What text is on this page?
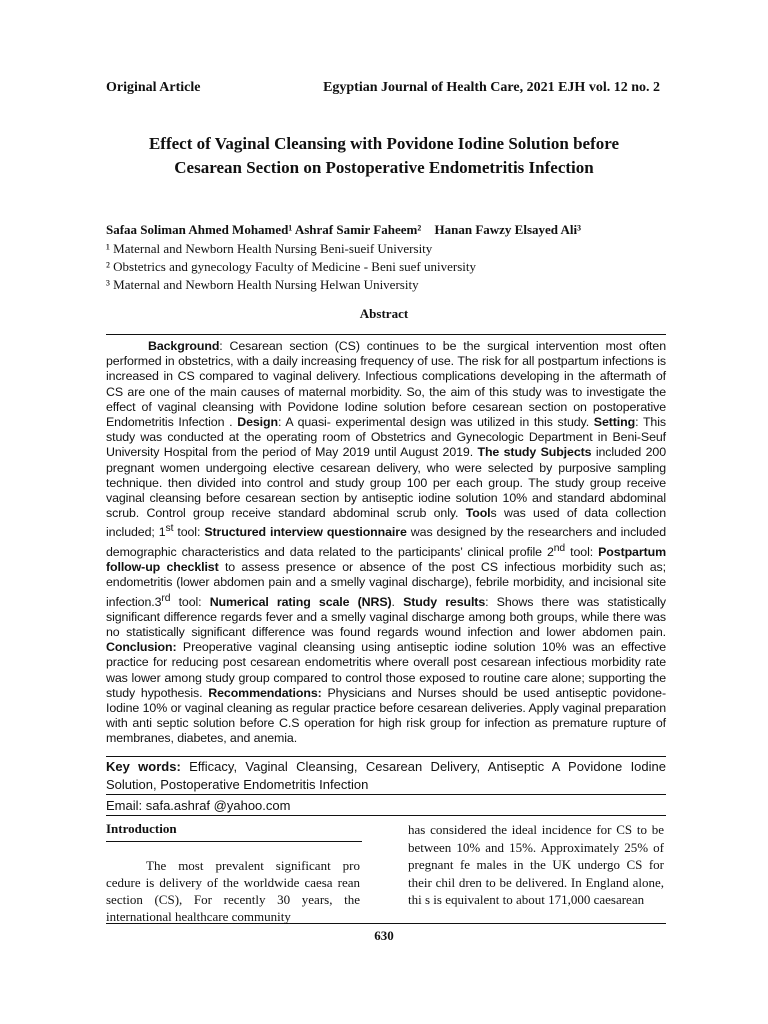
Original Article	Egyptian Journal of Health Care, 2021 EJH vol. 12 no. 2
Effect of Vaginal Cleansing with Povidone Iodine Solution before
Cesarean Section on Postoperative Endometritis Infection
Safaa Soliman Ahmed Mohamed¹ Ashraf Samir Faheem² Hanan Fawzy Elsayed Ali³
¹ Maternal and Newborn Health Nursing Beni-sueif University
² Obstetrics and gynecology Faculty of Medicine - Beni suef university
³ Maternal and Newborn Health Nursing Helwan University
Abstract
Background: Cesarean section (CS) continues to be the surgical intervention most often performed in obstetrics, with a daily increasing frequency of use. The risk for all postpartum infections is increased in CS compared to vaginal delivery. Infectious complications developing in the aftermath of CS are one of the main causes of maternal morbidity. So, the aim of this study was to investigate the effect of vaginal cleansing with Povidone Iodine solution before cesarean section on postoperative Endometritis Infection . Design: A quasi- experimental design was utilized in this study. Setting: This study was conducted at the operating room of Obstetrics and Gynecologic Department in Beni-Seuf University Hospital from the period of May 2019 until August 2019. The study Subjects included 200 pregnant women undergoing elective cesarean delivery, who were selected by purposive sampling technique. then divided into control and study group 100 per each group. The study group receive vaginal cleansing before cesarean section by antiseptic iodine solution 10% and standard abdominal scrub. Control group receive standard abdominal scrub only. Tools was used of data collection included; 1st tool: Structured interview questionnaire was designed by the researchers and included demographic characteristics and data related to the participants’ clinical profile 2nd tool: Postpartum follow-up checklist to assess presence or absence of the post CS infectious morbidity such as; endometritis (lower abdomen pain and a smelly vaginal discharge), febrile morbidity, and incisional site infection.3rd tool: Numerical rating scale (NRS). Study results: Shows there was statistically significant difference regards fever and a smelly vaginal discharge among both groups, while there was no statistically significant difference was found regards wound infection and lower abdomen pain. Conclusion: Preoperative vaginal cleansing using antiseptic iodine solution 10% was an effective practice for reducing post cesarean endometritis where overall post cesarean infectious morbidity rate was lower among study group compared to control those exposed to routine care alone; supporting the study hypothesis. Recommendations: Physicians and Nurses should be used antiseptic povidone-Iodine 10% or vaginal cleaning as regular practice before cesarean deliveries. Apply vaginal preparation with anti septic solution before C.S operation for high risk group for infection as premature rupture of membranes, diabetes, and anemia.
Key words: Efficacy, Vaginal Cleansing, Cesarean Delivery, Antiseptic A Povidone Iodine Solution, Postoperative Endometritis Infection
Email: safa.ashraf @yahoo.com
Introduction
The most prevalent significant pro cedure is delivery of the worldwide caesa rean section (CS), For recently 30 years, the international healthcare community
has considered the ideal incidence for CS to be between 10% and 15%. Approximately 25% of pregnant fe males in the UK undergo CS for their chil dren to be delivered. In England alone, thi s is equivalent to about 171,000 caesarean
630
